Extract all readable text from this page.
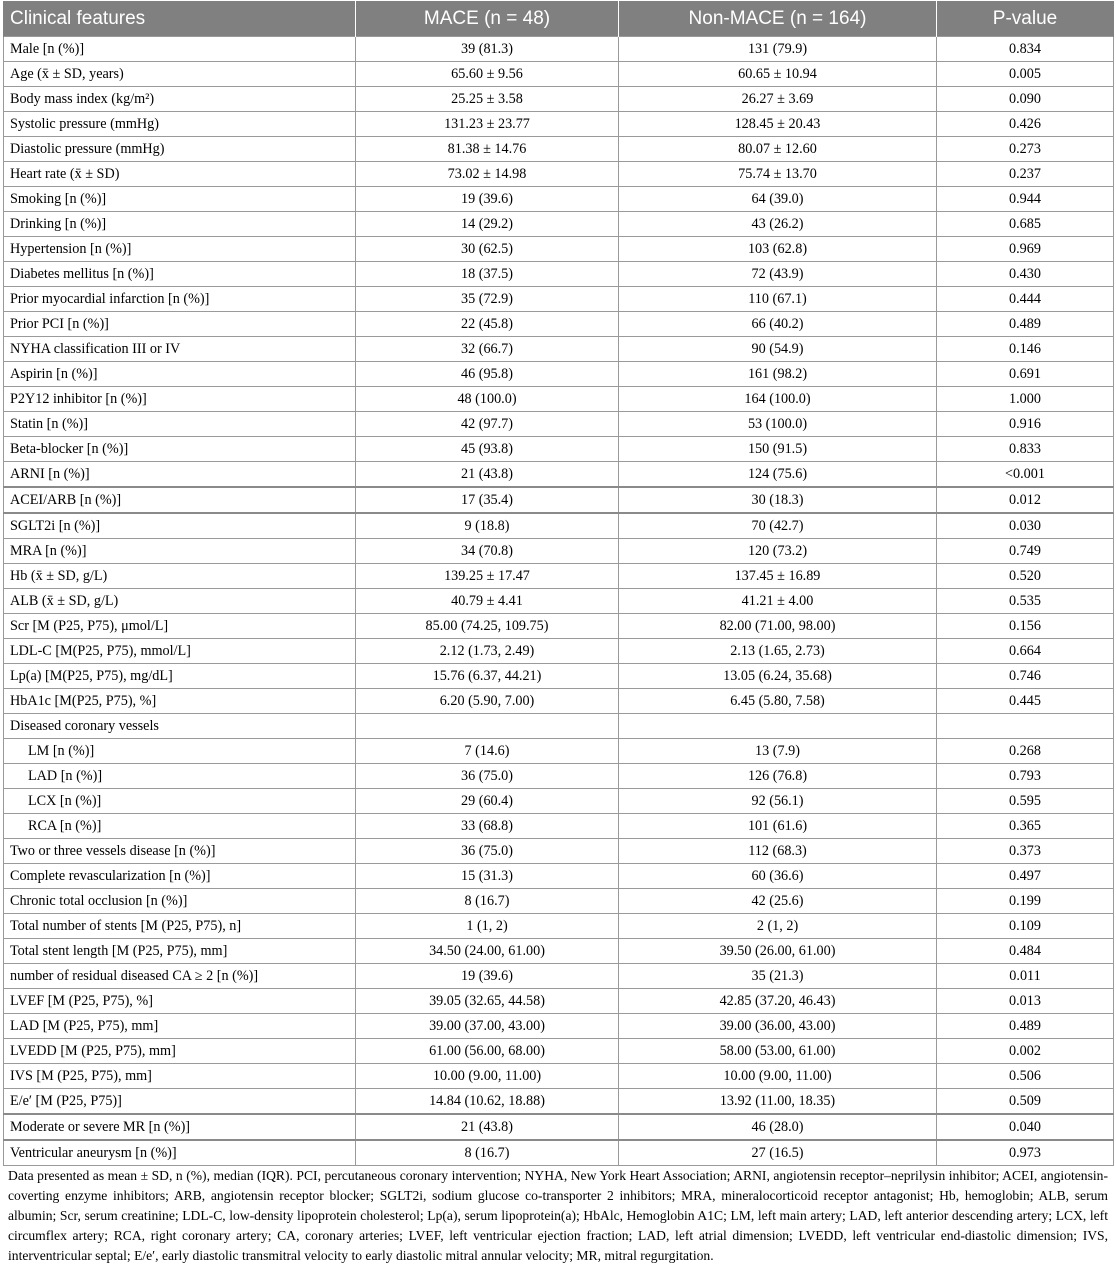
Clinical features	MACE (n = 48)	Non-MACE (n = 164)	P-value
Male [n (%)]	39 (81.3)	131 (79.9)	0.834
Age (x̄ ± SD, years)	65.60 ± 9.56	60.65 ± 10.94	0.005
Body mass index (kg/m²)	25.25 ± 3.58	26.27 ± 3.69	0.090
Systolic pressure (mmHg)	131.23 ± 23.77	128.45 ± 20.43	0.426
Diastolic pressure (mmHg)	81.38 ± 14.76	80.07 ± 12.60	0.273
Heart rate (x̄ ± SD)	73.02 ± 14.98	75.74 ± 13.70	0.237
Smoking [n (%)]	19 (39.6)	64 (39.0)	0.944
Drinking [n (%)]	14 (29.2)	43 (26.2)	0.685
Hypertension [n (%)]	30 (62.5)	103 (62.8)	0.969
Diabetes mellitus [n (%)]	18 (37.5)	72 (43.9)	0.430
Prior myocardial infarction [n (%)]	35 (72.9)	110 (67.1)	0.444
Prior PCI [n (%)]	22 (45.8)	66 (40.2)	0.489
NYHA classification III or IV	32 (66.7)	90 (54.9)	0.146
Aspirin [n (%)]	46 (95.8)	161 (98.2)	0.691
P2Y12 inhibitor [n (%)]	48 (100.0)	164 (100.0)	1.000
Statin [n (%)]	42 (97.7)	53 (100.0)	0.916
Beta-blocker [n (%)]	45 (93.8)	150 (91.5)	0.833
ARNI [n (%)]	21 (43.8)	124 (75.6)	<0.001
ACEI/ARB [n (%)]	17 (35.4)	30 (18.3)	0.012
SGLT2i [n (%)]	9 (18.8)	70 (42.7)	0.030
MRA [n (%)]	34 (70.8)	120 (73.2)	0.749
Hb (x̄ ± SD, g/L)	139.25 ± 17.47	137.45 ± 16.89	0.520
ALB (x̄ ± SD, g/L)	40.79 ± 4.41	41.21 ± 4.00	0.535
Scr [M (P25, P75), μmol/L]	85.00 (74.25, 109.75)	82.00 (71.00, 98.00)	0.156
LDL-C [M(P25, P75), mmol/L]	2.12 (1.73, 2.49)	2.13 (1.65, 2.73)	0.664
Lp(a) [M(P25, P75), mg/dL]	15.76 (6.37, 44.21)	13.05 (6.24, 35.68)	0.746
HbA1c [M(P25, P75), %]	6.20 (5.90, 7.00)	6.45 (5.80, 7.58)	0.445
Diseased coronary vessels			
LM [n (%)]	7 (14.6)	13 (7.9)	0.268
LAD [n (%)]	36 (75.0)	126 (76.8)	0.793
LCX [n (%)]	29 (60.4)	92 (56.1)	0.595
RCA [n (%)]	33 (68.8)	101 (61.6)	0.365
Two or three vessels disease [n (%)]	36 (75.0)	112 (68.3)	0.373
Complete revascularization [n (%)]	15 (31.3)	60 (36.6)	0.497
Chronic total occlusion [n (%)]	8 (16.7)	42 (25.6)	0.199
Total number of stents [M (P25, P75), n]	1 (1, 2)	2 (1, 2)	0.109
Total stent length [M (P25, P75), mm]	34.50 (24.00, 61.00)	39.50 (26.00, 61.00)	0.484
number of residual diseased CA ≥ 2 [n (%)]	19 (39.6)	35 (21.3)	0.011
LVEF [M (P25, P75), %]	39.05 (32.65, 44.58)	42.85 (37.20, 46.43)	0.013
LAD [M (P25, P75), mm]	39.00 (37.00, 43.00)	39.00 (36.00, 43.00)	0.489
LVEDD [M (P25, P75), mm]	61.00 (56.00, 68.00)	58.00 (53.00, 61.00)	0.002
IVS [M (P25, P75), mm]	10.00 (9.00, 11.00)	10.00 (9.00, 11.00)	0.506
E/e′ [M (P25, P75)]	14.84 (10.62, 18.88)	13.92 (11.00, 18.35)	0.509
Moderate or severe MR [n (%)]	21 (43.8)	46 (28.0)	0.040
Ventricular aneurysm [n (%)]	8 (16.7)	27 (16.5)	0.973
Data presented as mean ± SD, n (%), median (IQR). PCI, percutaneous coronary intervention; NYHA, New York Heart Association; ARNI, angiotensin receptor–neprilysin inhibitor; ACEI, angiotensin-coverting enzyme inhibitors; ARB, angiotensin receptor blocker; SGLT2i, sodium glucose co-transporter 2 inhibitors; MRA, mineralocorticoid receptor antagonist; Hb, hemoglobin; ALB, serum albumin; Scr, serum creatinine; LDL-C, low-density lipoprotein cholesterol; Lp(a), serum lipoprotein(a); HbAlc, Hemoglobin A1C; LM, left main artery; LAD, left anterior descending artery; LCX, left circumflex artery; RCA, right coronary artery; CA, coronary arteries; LVEF, left ventricular ejection fraction; LAD, left atrial dimension; LVEDD, left ventricular end-diastolic dimension; IVS, interventricular septal; E/e′, early diastolic transmitral velocity to early diastolic mitral annular velocity; MR, mitral regurgitation.
